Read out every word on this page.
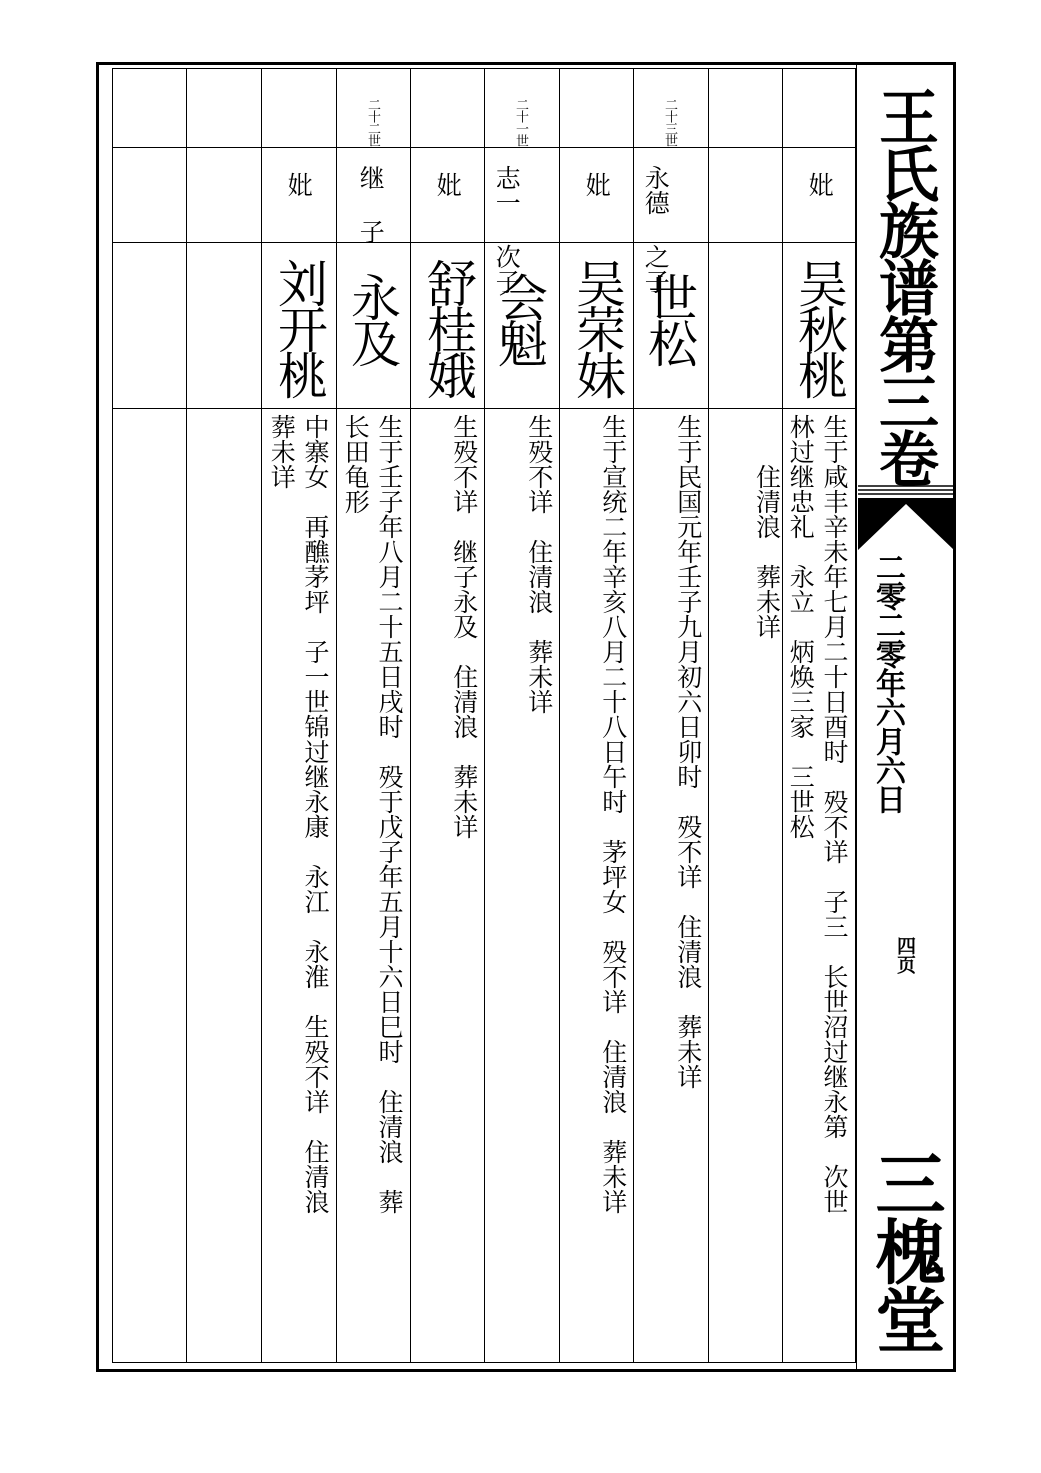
妣
吴秋桃
生于咸丰辛未年七月二十日酉时　殁不详　子三　长世沼过继永第　次世
林过继忠礼　永立　炳焕三家　三世松
　　住清浪　葬未详
二十三世
永德 之子
世松
生于民国元年壬子九月初六日卯时　殁不详　住清浪　葬未详
妣
吴荣妹
生于宣统二年辛亥八月二十八日午时　茅坪女　殁不详　住清浪　葬未详
二十一世
志一 次子
会魁
生殁不详　住清浪　葬未详
妣
舒桂娥
生殁不详　继子永及　住清浪　葬未详
二十二世
继 子
永及
生于壬子年八月二十五日戌时　殁于戊子年五月十六日巳时　住清浪　葬
长田龟形
妣
刘开桃
中寨女　再醮茅坪　子一世锦过继永康　永江　永淮　生殁不详　住清浪
葬未详	王氏族谱第三卷
二零二零年六月六日
四页
三槐堂
